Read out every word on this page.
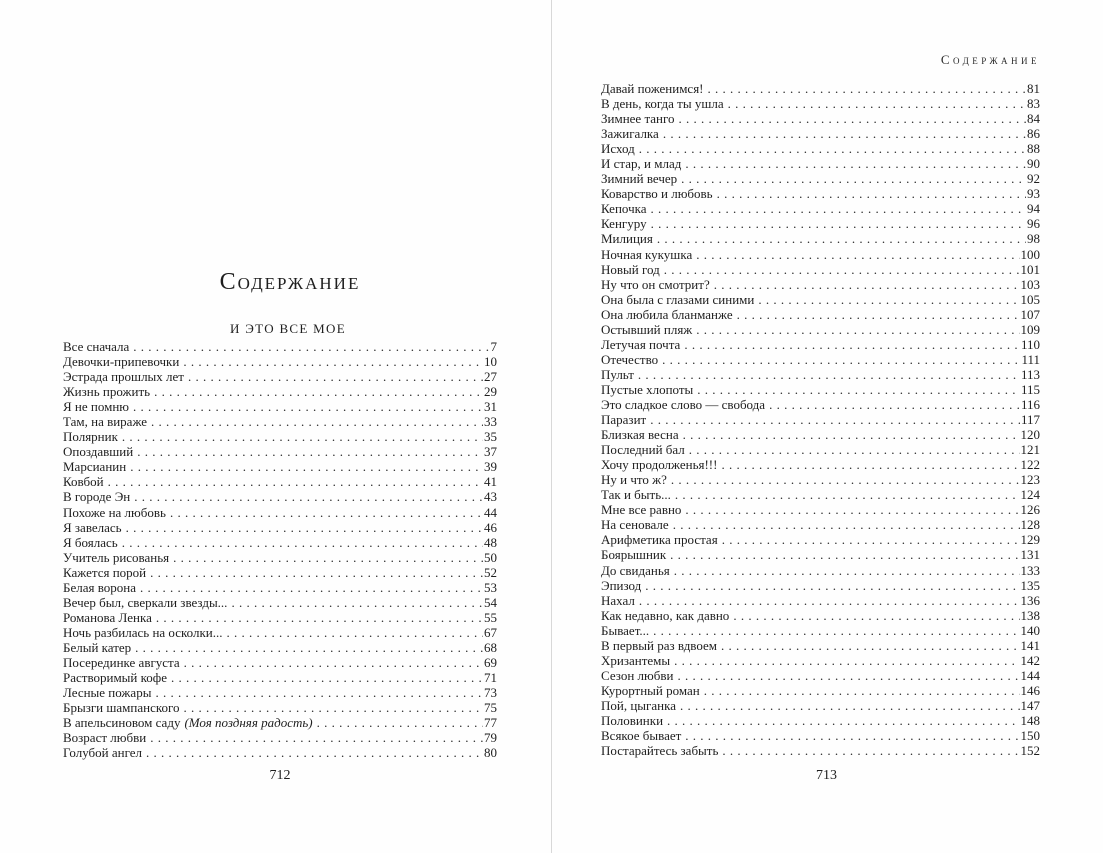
Содержание
И ЭТО ВСЕ МОЕ
Все сначала . . .	7
Девочки-припевочки . . .	10
Эстрада прошлых лет . . .	27
Жизнь прожить . . .	29
Я не помню . . .	31
Там, на вираже . . .	33
Полярник . . .	35
Опоздавший . . .	37
Марсианин . . .	39
Ковбой . . .	41
В городе Эн . . .	43
Похоже на любовь . . .	44
Я завелась . . .	46
Я боялась . . .	48
Учитель рисованья . . .	50
Кажется порой . . .	52
Белая ворона . . .	53
Вечер был, сверкали звезды... . . .	54
Романова Ленка . . .	55
Ночь разбилась на осколки... . . .	67
Белый катер . . .	68
Посерединке августа . . .	69
Растворимый кофе . . .	71
Лесные пожары . . .	73
Брызги шампанского . . .	75
В апельсиновом саду (Моя поздняя радость) . . .	77
Возраст любви . . .	79
Голубой ангел . . .	80
712
Содержание
Давай поженимся! . . .	81
В день, когда ты ушла . . .	83
Зимнее танго . . .	84
Зажигалка . . .	86
Исход . . .	88
И стар, и млад . . .	90
Зимний вечер . . .	92
Коварство и любовь . . .	93
Кепочка . . .	94
Кенгуру . . .	96
Милиция . . .	98
Ночная кукушка . . .	100
Новый год . . .	101
Ну что он смотрит? . . .	103
Она была с глазами синими . . .	105
Она любила бланманже . . .	107
Остывший пляж . . .	109
Летучая почта . . .	110
Отечество . . .	111
Пульт . . .	113
Пустые хлопоты . . .	115
Это сладкое слово — свобода . . .	116
Паразит . . .	117
Близкая весна . . .	120
Последний бал . . .	121
Хочу продолженья!!! . . .	122
Ну и что ж? . . .	123
Так и быть... . . .	124
Мне все равно . . .	126
На сеновале . . .	128
Арифметика простая . . .	129
Боярышник . . .	131
До свиданья . . .	133
Эпизод . . .	135
Нахал . . .	136
Как недавно, как давно . . .	138
Бывает... . . .	140
В первый раз вдвоем . . .	141
Хризантемы . . .	142
Сезон любви . . .	144
Курортный роман . . .	146
Пой, цыганка . . .	147
Половинки . . .	148
Всякое бывает . . .	150
Постарайтесь забыть . . .	152
713
